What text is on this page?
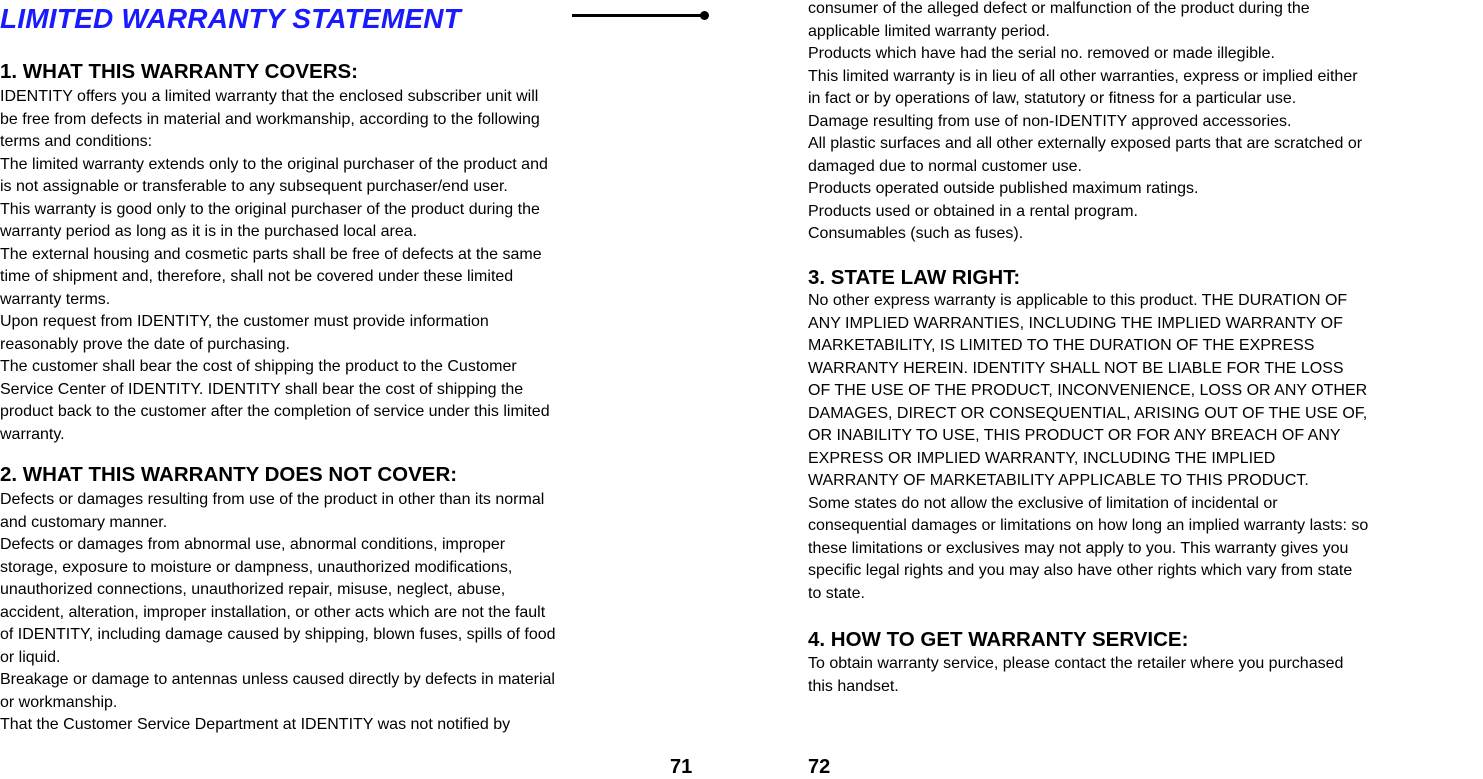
LIMITED WARRANTY STATEMENT
1. WHAT THIS WARRANTY COVERS:
IDENTITY offers you a limited warranty that the enclosed subscriber unit will
be free from defects in material and workmanship, according to the following
terms and conditions:
The limited warranty extends only to the original purchaser of the product and
is not assignable or transferable to any subsequent purchaser/end user.
This warranty is good only to the original purchaser of the product during the
warranty period as long as it is in the purchased local area.
The external housing and cosmetic parts shall be free of defects at the same
time of shipment and, therefore, shall not be covered under these limited
warranty terms.
Upon request from IDENTITY, the customer must provide information
reasonably prove the date of purchasing.
The customer shall bear the cost of shipping the product to the Customer
Service Center of IDENTITY. IDENTITY shall bear the cost of shipping the
product back to the customer after the completion of service under this limited
warranty.
2. WHAT THIS WARRANTY DOES NOT COVER:
Defects or damages resulting from use of the product in other than its normal
and customary manner.
Defects or damages from abnormal use, abnormal conditions, improper
storage, exposure to moisture or dampness, unauthorized modifications,
unauthorized connections, unauthorized repair, misuse, neglect, abuse,
accident, alteration, improper installation, or other acts which are not the fault
of IDENTITY, including damage caused by shipping, blown fuses, spills of food
or liquid.
Breakage or damage to antennas unless caused directly by defects in material
or workmanship.
That the Customer Service Department at IDENTITY was not notified by
71	72
consumer of the alleged defect or malfunction of the product during the
applicable limited warranty period.
Products which have had the serial no. removed or made illegible.
This limited warranty is in lieu of all other warranties, express or implied either
in fact or by operations of law, statutory or fitness for a particular use.
Damage resulting from use of non-IDENTITY approved accessories.
All plastic surfaces and all other externally exposed parts that are scratched or
damaged due to normal customer use.
Products operated outside published maximum ratings.
Products used or obtained in a rental program.
Consumables (such as fuses).
3. STATE LAW RIGHT:
No other express warranty is applicable to this product. THE DURATION OF
ANY IMPLIED WARRANTIES, INCLUDING THE IMPLIED WARRANTY OF
MARKETABILITY, IS LIMITED TO THE DURATION OF THE EXPRESS
WARRANTY HEREIN. IDENTITY SHALL NOT BE LIABLE FOR THE LOSS
OF THE USE OF THE PRODUCT, INCONVENIENCE, LOSS OR ANY OTHER
DAMAGES, DIRECT OR CONSEQUENTIAL, ARISING OUT OF THE USE OF,
OR INABILITY TO USE, THIS PRODUCT OR FOR ANY BREACH OF ANY
EXPRESS OR IMPLIED WARRANTY, INCLUDING THE IMPLIED
WARRANTY OF MARKETABILITY APPLICABLE TO THIS PRODUCT.
Some states do not allow the exclusive of limitation of incidental or
consequential damages or limitations on how long an implied warranty lasts: so
these limitations or exclusives may not apply to you. This warranty gives you
specific legal rights and you may also have other rights which vary from state
to state.
4. HOW TO GET WARRANTY SERVICE:
To obtain warranty service, please contact the retailer where you purchased
this handset.
